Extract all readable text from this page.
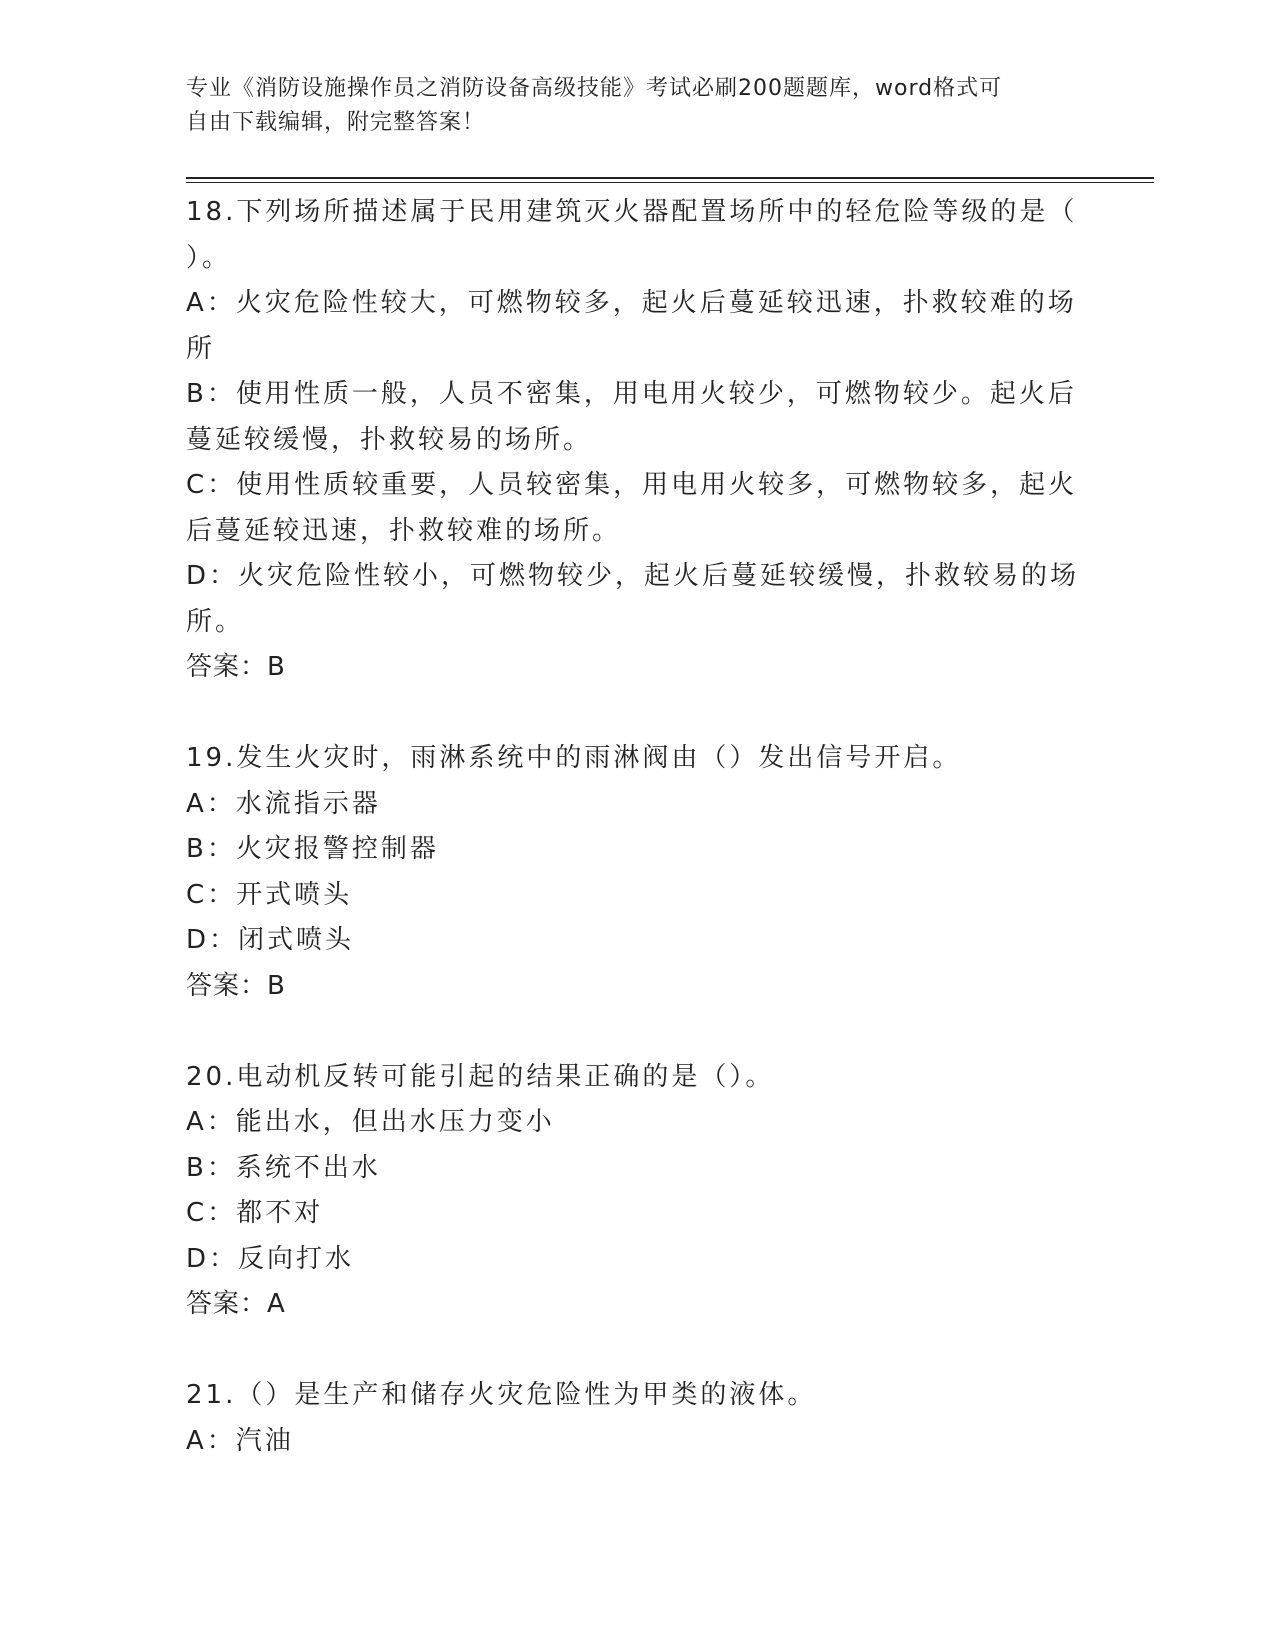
专业《消防设施操作员之消防设备高级技能》考试必刷200题题库，word格式可
自由下载编辑，附完整答案！

18.下列场所描述属于民用建筑灭火器配置场所中的轻危险等级的是（

）。

A：火灾危险性较大，可燃物较多，起火后蔓延较迅速，扑救较难的场

所

B：使用性质一般，人员不密集，用电用火较少，可燃物较少。起火后

蔓延较缓慢，扑救较易的场所。

C：使用性质较重要，人员较密集，用电用火较多，可燃物较多，起火

后蔓延较迅速，扑救较难的场所。

D：火灾危险性较小，可燃物较少，起火后蔓延较缓慢，扑救较易的场

所。

答案：B

19.发生火灾时，雨淋系统中的雨淋阀由（）发出信号开启。

A：水流指示器

B：火灾报警控制器

C：开式喷头

D：闭式喷头

答案：B

20.电动机反转可能引起的结果正确的是（）。

A：能出水，但出水压力变小

B：系统不出水

C：都不对

D：反向打水

答案：A

21.（）是生产和储存火灾危险性为甲类的液体。

A：汽油
